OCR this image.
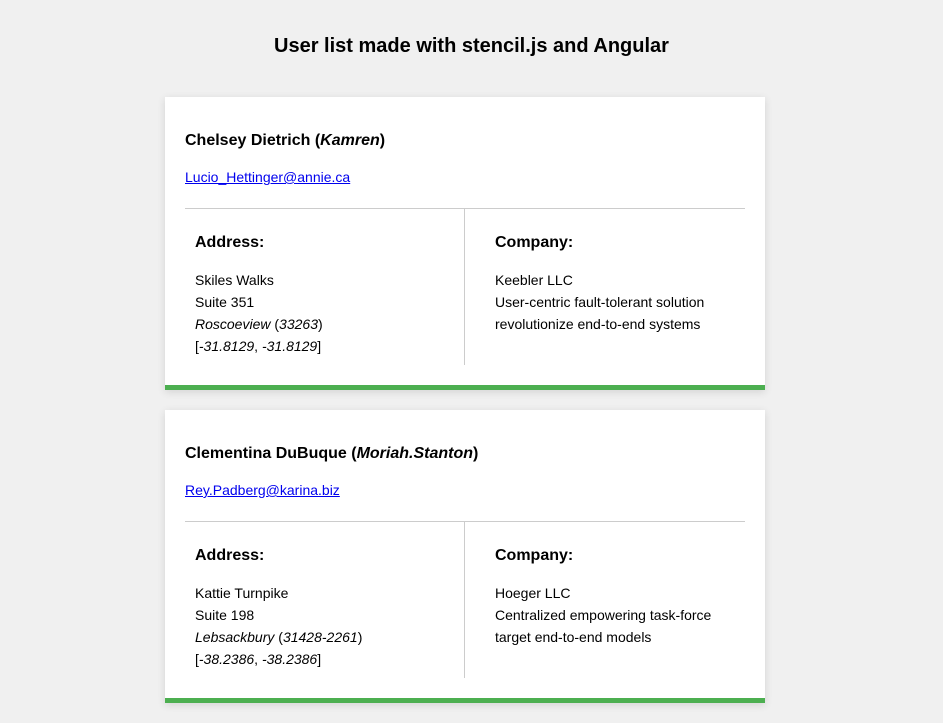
User list made with stencil.js and Angular
Chelsey Dietrich (Kamren)
Lucio_Hettinger@annie.ca
Address:
Skiles Walks
Suite 351
Roscoeview (33263)
[-31.8129, -31.8129]
Company:
Keebler LLC
User-centric fault-tolerant solution
revolutionize end-to-end systems
Clementina DuBuque (Moriah.Stanton)
Rey.Padberg@karina.biz
Address:
Kattie Turnpike
Suite 198
Lebsackbury (31428-2261)
[-38.2386, -38.2386]
Company:
Hoeger LLC
Centralized empowering task-force
target end-to-end models
